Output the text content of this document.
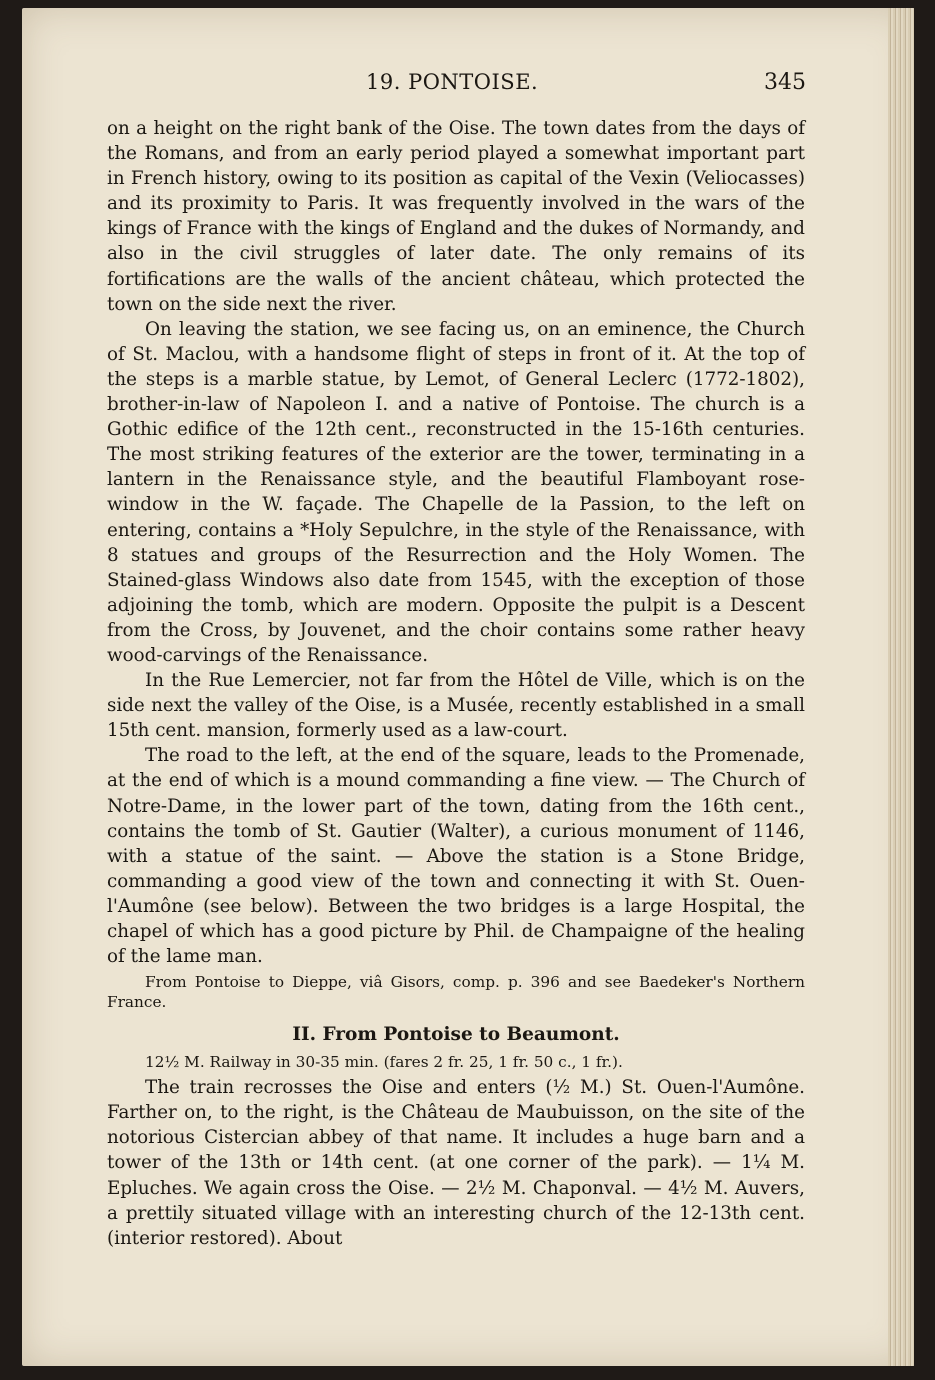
19. PONTOISE.	345

on a height on the right bank of the Oise. The town dates from the days of the Romans, and from an early period played a somewhat important part in French history, owing to its position as capital of the Vexin (Veliocasses) and its proximity to Paris. It was frequently involved in the wars of the kings of France with the kings of England and the dukes of Normandy, and also in the civil struggles of later date. The only remains of its fortifications are the walls of the ancient château, which protected the town on the side next the river.

On leaving the station, we see facing us, on an eminence, the Church of St. Maclou, with a handsome flight of steps in front of it. At the top of the steps is a marble statue, by Lemot, of General Leclerc (1772-1802), brother-in-law of Napoleon I. and a native of Pontoise. The church is a Gothic edifice of the 12th cent., reconstructed in the 15-16th centuries. The most striking features of the exterior are the tower, terminating in a lantern in the Renaissance style, and the beautiful Flamboyant rose-window in the W. façade. The Chapelle de la Passion, to the left on entering, contains a *Holy Sepulchre, in the style of the Renaissance, with 8 statues and groups of the Resurrection and the Holy Women. The Stained-glass Windows also date from 1545, with the exception of those adjoining the tomb, which are modern. Opposite the pulpit is a Descent from the Cross, by Jouvenet, and the choir contains some rather heavy wood-carvings of the Renaissance.

In the Rue Lemercier, not far from the Hôtel de Ville, which is on the side next the valley of the Oise, is a Musée, recently established in a small 15th cent. mansion, formerly used as a law-court.

The road to the left, at the end of the square, leads to the Promenade, at the end of which is a mound commanding a fine view. — The Church of Notre-Dame, in the lower part of the town, dating from the 16th cent., contains the tomb of St. Gautier (Walter), a curious monument of 1146, with a statue of the saint. — Above the station is a Stone Bridge, commanding a good view of the town and connecting it with St. Ouen-l'Aumône (see below). Between the two bridges is a large Hospital, the chapel of which has a good picture by Phil. de Champaigne of the healing of the lame man.

From Pontoise to Dieppe, viâ Gisors, comp. p. 396 and see Baedeker's Northern France.

II. From Pontoise to Beaumont.

12½ M. Railway in 30-35 min. (fares 2 fr. 25, 1 fr. 50 c., 1 fr.).

The train recrosses the Oise and enters (½ M.) St. Ouen-l'Aumône. Farther on, to the right, is the Château de Maubuisson, on the site of the notorious Cistercian abbey of that name. It includes a huge barn and a tower of the 13th or 14th cent. (at one corner of the park). — 1¼ M. Epluches. We again cross the Oise. — 2½ M. Chaponval. — 4½ M. Auvers, a prettily situated village with an interesting church of the 12-13th cent. (interior restored). About
